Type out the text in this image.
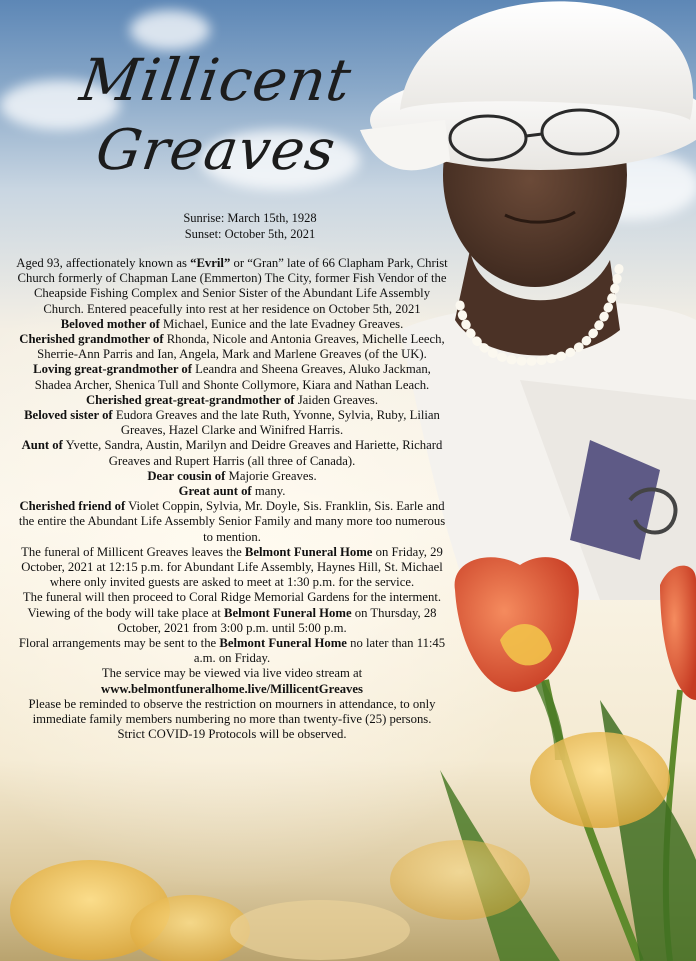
Millicent
Greaves
Sunrise: March 15th, 1928
Sunset: October 5th, 2021

Aged 93, affectionately known as “Evril” or “Gran” late of 66 Clapham Park, Christ Church formerly of Chapman Lane (Emmerton) The City, former Fish Vendor of the Cheapside Fishing Complex and Senior Sister of the Abundant Life Assembly Church. Entered peacefully into rest at her residence on October 5th, 2021

Beloved mother of Michael, Eunice and the late Evadney Greaves.

Cherished grandmother of Rhonda, Nicole and Antonia Greaves, Michelle Leech, Sherrie-Ann Parris and Ian, Angela, Mark and Marlene Greaves (of the UK).

Loving great-grandmother of Leandra and Sheena Greaves, Aluko Jackman, Shadea Archer, Shenica Tull and Shonte Collymore, Kiara and Nathan Leach.

Cherished great-great-grandmother of Jaiden Greaves.

Beloved sister of Eudora Greaves and the late Ruth, Yvonne, Sylvia, Ruby, Lilian Greaves, Hazel Clarke and Winifred Harris.

Aunt of Yvette, Sandra, Austin, Marilyn and Deidre Greaves and Hariette, Richard Greaves and Rupert Harris (all three of Canada).

Dear cousin of Majorie Greaves.

Great aunt of many.

Cherished friend of Violet Coppin, Sylvia, Mr. Doyle, Sis. Franklin, Sis. Earle and the entire the Abundant Life Assembly Senior Family and many more too numerous to mention.

The funeral of Millicent Greaves leaves the Belmont Funeral Home on Friday, 29 October, 2021 at 12:15 p.m. for Abundant Life Assembly, Haynes Hill, St. Michael where only invited guests are asked to meet at 1:30 p.m. for the service.

The funeral will then proceed to Coral Ridge Memorial Gardens for the interment.

Viewing of the body will take place at Belmont Funeral Home on Thursday, 28 October, 2021 from 3:00 p.m. until 5:00 p.m.

Floral arrangements may be sent to the Belmont Funeral Home no later than 11:45 a.m. on Friday.

The service may be viewed via live video stream at

www.belmontfuneralhome.live/MillicentGreaves

Please be reminded to observe the restriction on mourners in attendance, to only immediate family members numbering no more than twenty-five (25) persons.

Strict COVID-19 Protocols will be observed.
